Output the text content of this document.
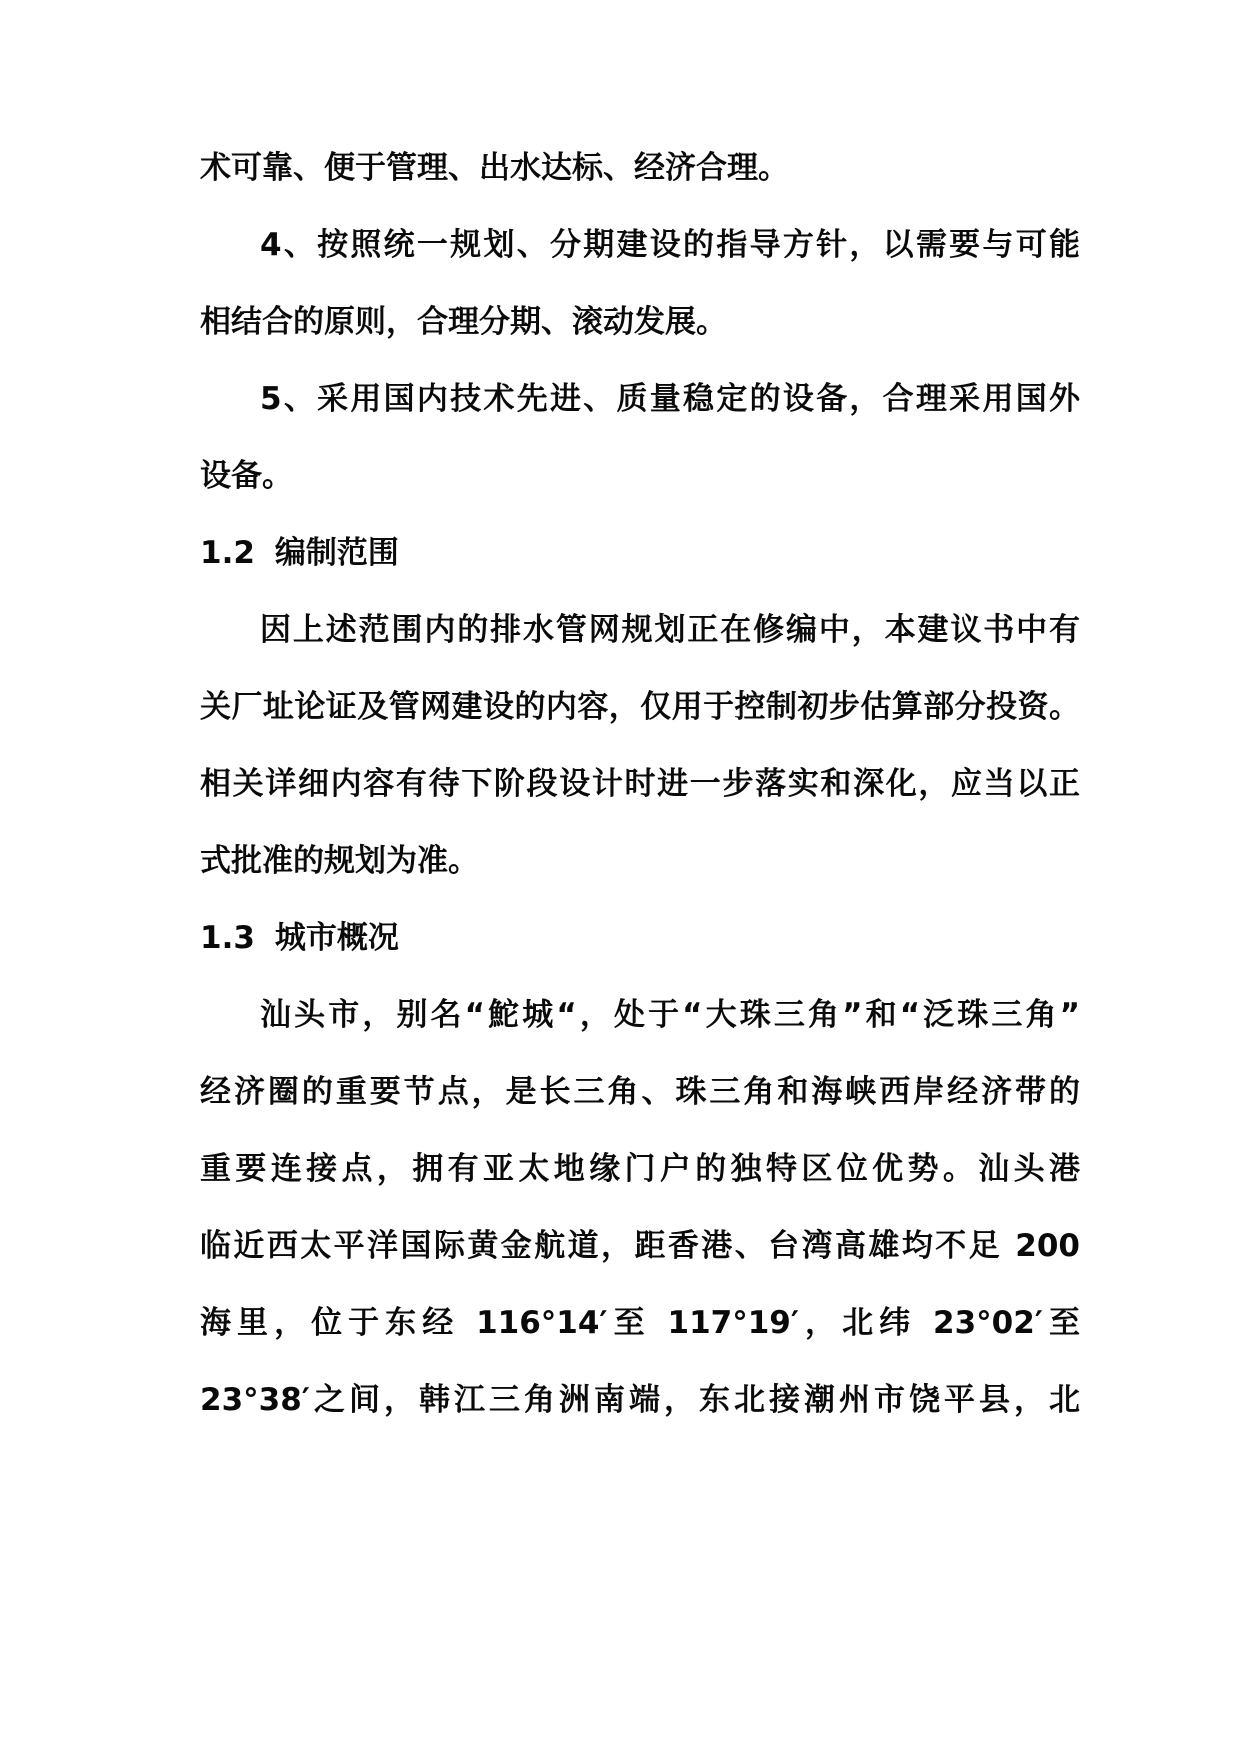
术可靠、便于管理、出水达标、经济合理。
4、按照统一规划、分期建设的指导方针，以需要与可能
相结合的原则，合理分期、滚动发展。
5、采用国内技术先进、质量稳定的设备，合理采用国外
设备。
1.2 编制范围
因上述范围内的排水管网规划正在修编中，本建议书中有
关厂址论证及管网建设的内容，仅用于控制初步估算部分投资。
相关详细内容有待下阶段设计时进一步落实和深化，应当以正
式批准的规划为准。
1.3 城市概况
汕头市，别名“鮀城“，处于“大珠三角”和“泛珠三角”
经济圈的重要节点，是长三角、珠三角和海峡西岸经济带的
重要连接点，拥有亚太地缘门户的独特区位优势。汕头港
临近西太平洋国际黄金航道，距香港、台湾高雄均不足 200
海里，位于东经 116°14′至 117°19′，北纬 23°02′至
23°38′之间，韩江三角洲南端，东北接潮州市饶平县，北
